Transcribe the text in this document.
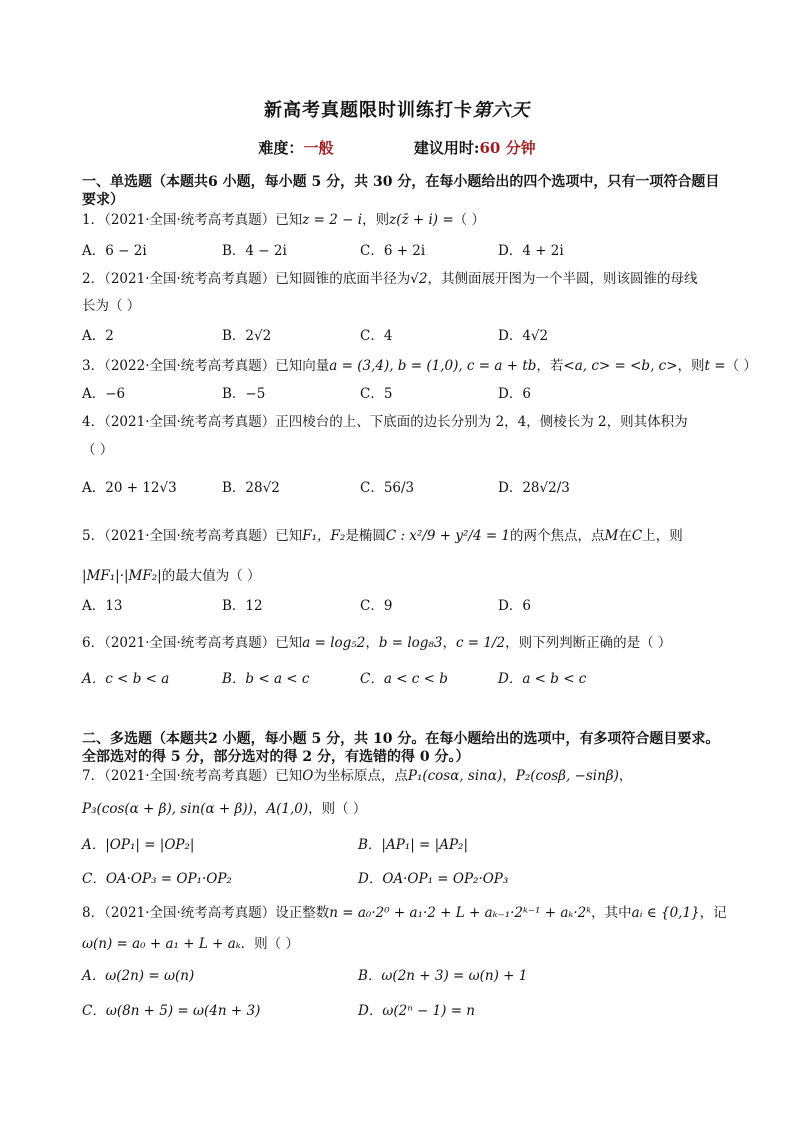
新高考真题限时训练打卡第六天
难度：一般	建议用时:60 分钟
一、单选题（本题共6 小题，每小题 5 分，共 30 分，在每小题给出的四个选项中，只有一项符合题目
要求）
1．（2021·全国·统考高考真题）已知z = 2 − i，则z(z̄ + i) =（ ）
A．6 − 2i	B．4 − 2i	C．6 + 2i	D．4 + 2i
2．（2021·全国·统考高考真题）已知圆锥的底面半径为√2，其侧面展开图为一个半圆，则该圆锥的母线
长为（ ）
A．2	B．2√2	C．4	D．4√2
3．（2022·全国·统考高考真题）已知向量a = (3,4), b = (1,0), c = a + tb，若<a, c> = <b, c>，则t =（ ）
A．−6	B．−5	C．5	D．6
4．（2021·全国·统考高考真题）正四棱台的上、下底面的边长分别为 2，4，侧棱长为 2，则其体积为
（ ）
A．20 + 12√3	B．28√2	C．56/3	D．28√2/3
5．（2021·全国·统考高考真题）已知F₁，F₂是椭圆C : x²/9 + y²/4 = 1的两个焦点，点M在C上，则
|MF₁|·|MF₂|的最大值为（ ）
A．13	B．12	C．9	D．6
6．（2021·全国·统考高考真题）已知a = log₅2，b = log₈3，c = 1/2，则下列判断正确的是（ ）
A．c < b < a	B．b < a < c	C．a < c < b	D．a < b < c
二、多选题（本题共2 小题，每小题 5 分，共 10 分。在每小题给出的选项中，有多项符合题目要求。
全部选对的得 5 分，部分选对的得 2 分，有选错的得 0 分。）
7．（2021·全国·统考高考真题）已知O为坐标原点，点P₁(cosα, sinα)，P₂(cosβ, −sinβ)，
P₃(cos(α + β), sin(α + β))，A(1,0)，则（ ）
A．|OP₁| = |OP₂|	B．|AP₁| = |AP₂|
C．OA·OP₃ = OP₁·OP₂	D．OA·OP₁ = OP₂·OP₃
8．（2021·全国·统考高考真题）设正整数n = a₀·2⁰ + a₁·2 + L + aₖ₋₁·2ᵏ⁻¹ + aₖ·2ᵏ，其中aᵢ ∈ {0,1}，记
ω(n) = a₀ + a₁ + L + aₖ．则（ ）
A．ω(2n) = ω(n)	B．ω(2n + 3) = ω(n) + 1
C．ω(8n + 5) = ω(4n + 3)	D．ω(2ⁿ − 1) = n
